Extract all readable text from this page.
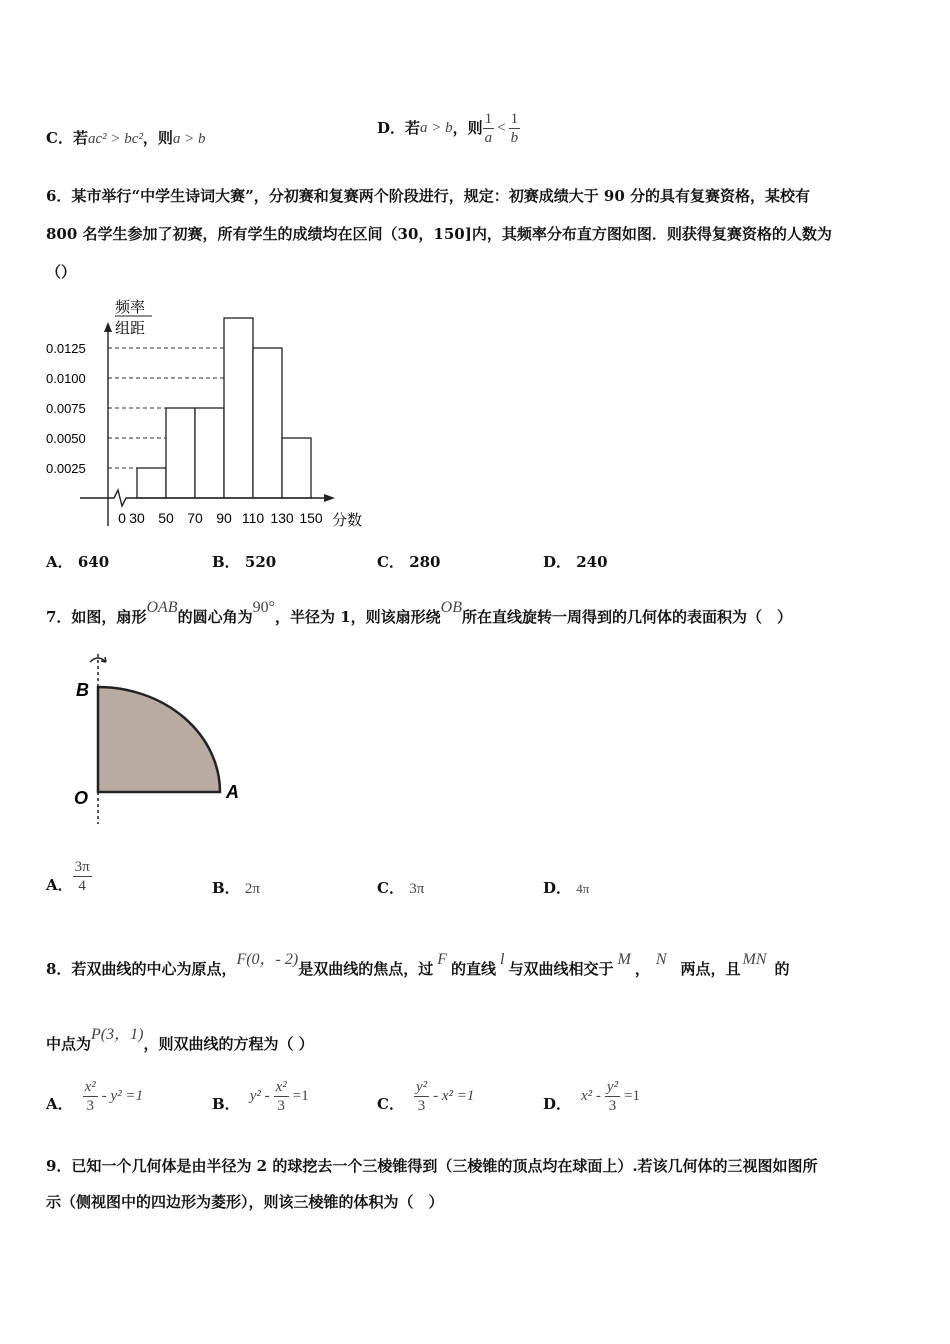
C．若ac² > bc²，则a > b
D． 若 a > b ，则 $\frac{1}{a} < \frac{1}{b}$
6．某市举行“中学生诗词大赛”，分初赛和复赛两个阶段进行，规定：初赛成绩大于 90 分的具有复赛资格，某校有
800 名学生参加了初赛，所有学生的成绩均在区间（30，150]内，其频率分布直方图如图．则获得复赛资格的人数为
（）
0.0025
0.0050
0.0075
0.0100
0.0125
0 30 50 70 90 110 130 150
频率
组距
分数
A． 640	B． 520	C． 280	D． 240
7．如图，扇形OAB的圆心角为90°，半径为 1，则该扇形绕OB所在直线旋转一周得到的几何体的表面积为（　）
B
O	A
A． $\frac{3\pi}{4}$	B． 2π	C． 3π	D． 4π
8．若双曲线的中心为原点，F(0，- 2)是双曲线的焦点，过F的直线l与双曲线相交于M，N两点，且MN的
中点为P(3，1)，则双曲线的方程为（ ）
A． $\frac{\text{x²}}{3} - y^2 =1$	B． $y^2 - \frac{\text{x²}}{3} =1$	C． $\frac{\text{y²}}{3} - x^2 =1$	D． $x^2 - \frac{\text{y²}}{3} =1$
9．已知一个几何体是由半径为 2 的球挖去一个三棱锥得到（三棱锥的顶点均在球面上）.若该几何体的三视图如图所
示（侧视图中的四边形为菱形），则该三棱锥的体积为（　）
